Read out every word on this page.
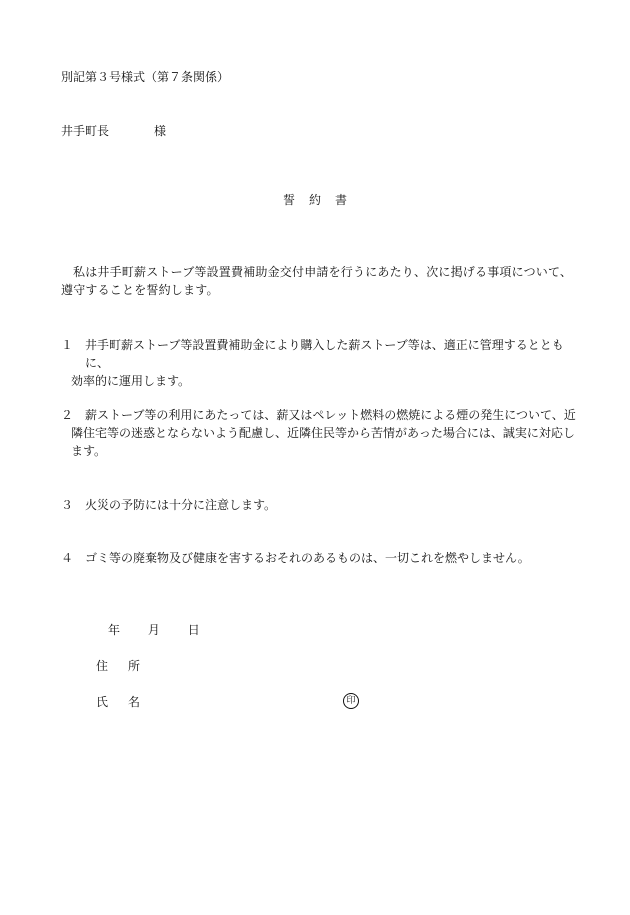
別記第３号様式（第７条関係）
井手町長	様
誓約書
私は井手町薪ストーブ等設置費補助金交付申請を行うにあたり、次に掲げる事項について、遵守することを誓約します。
１ 井手町薪ストーブ等設置費補助金により購入した薪ストーブ等は、適正に管理するとともに、
効率的に運用します。
２ 薪ストーブ等の利用にあたっては、薪又はペレット燃料の燃焼による煙の発生について、近
隣住宅等の迷惑とならないよう配慮し、近隣住民等から苦情があった場合には、誠実に対応します。
３ 火災の予防には十分に注意します。
４ ゴミ等の廃棄物及び健康を害するおそれのあるものは、一切これを燃やしません。
年 月 日
住所
氏名	印
